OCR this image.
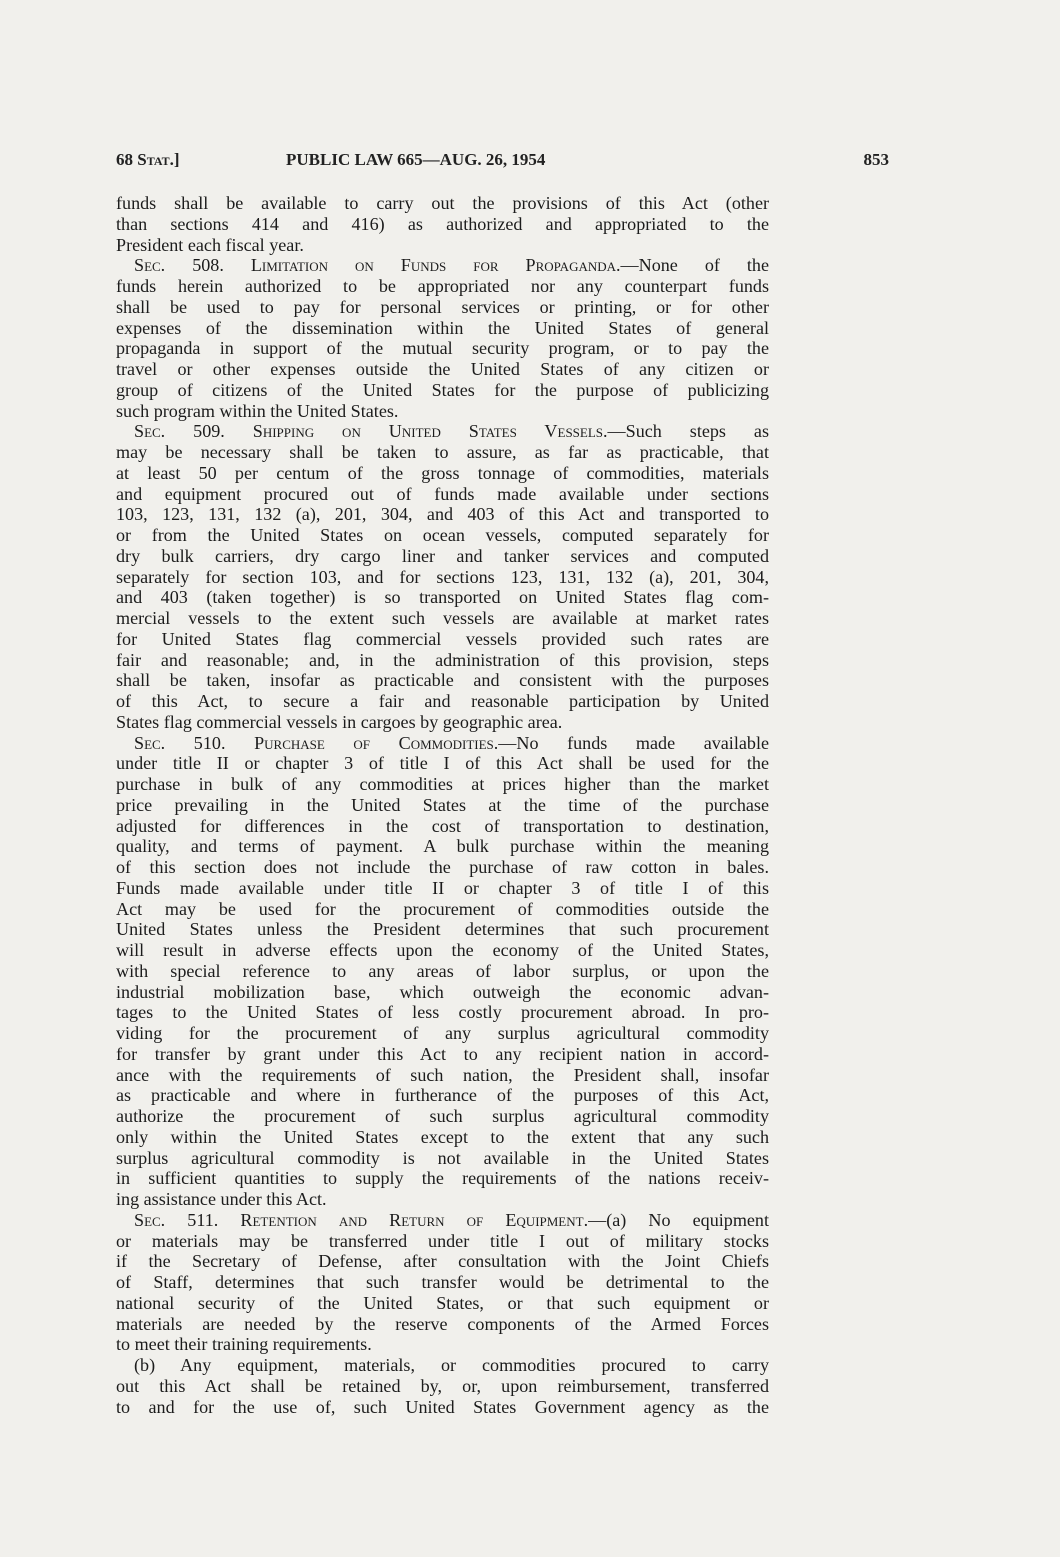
68 Stat.]	PUBLIC LAW 665—AUG. 26, 1954	853

funds shall be available to carry out the provisions of this Act (other

than sections 414 and 416) as authorized and appropriated to the

President each fiscal year.

Sec. 508. Limitation on Funds for Propaganda.—None of the

funds herein authorized to be appropriated nor any counterpart funds

shall be used to pay for personal services or printing, or for other

expenses of the dissemination within the United States of general

propaganda in support of the mutual security program, or to pay the

travel or other expenses outside the United States of any citizen or

group of citizens of the United States for the purpose of publicizing

such program within the United States.

Sec. 509. Shipping on United States Vessels.—Such steps as

may be necessary shall be taken to assure, as far as practicable, that

at least 50 per centum of the gross tonnage of commodities, materials

and equipment procured out of funds made available under sections

103, 123, 131, 132 (a), 201, 304, and 403 of this Act and transported to

or from the United States on ocean vessels, computed separately for

dry bulk carriers, dry cargo liner and tanker services and computed

separately for section 103, and for sections 123, 131, 132 (a), 201, 304,

and 403 (taken together) is so transported on United States flag com-

mercial vessels to the extent such vessels are available at market rates

for United States flag commercial vessels provided such rates are

fair and reasonable; and, in the administration of this provision, steps

shall be taken, insofar as practicable and consistent with the purposes

of this Act, to secure a fair and reasonable participation by United

States flag commercial vessels in cargoes by geographic area.

Sec. 510. Purchase of Commodities.—No funds made available

under title II or chapter 3 of title I of this Act shall be used for the

purchase in bulk of any commodities at prices higher than the market

price prevailing in the United States at the time of the purchase

adjusted for differences in the cost of transportation to destination,

quality, and terms of payment. A bulk purchase within the meaning

of this section does not include the purchase of raw cotton in bales.

Funds made available under title II or chapter 3 of title I of this

Act may be used for the procurement of commodities outside the

United States unless the President determines that such procurement

will result in adverse effects upon the economy of the United States,

with special reference to any areas of labor surplus, or upon the

industrial mobilization base, which outweigh the economic advan-

tages to the United States of less costly procurement abroad. In pro-

viding for the procurement of any surplus agricultural commodity

for transfer by grant under this Act to any recipient nation in accord-

ance with the requirements of such nation, the President shall, insofar

as practicable and where in furtherance of the purposes of this Act,

authorize the procurement of such surplus agricultural commodity

only within the United States except to the extent that any such

surplus agricultural commodity is not available in the United States

in sufficient quantities to supply the requirements of the nations receiv-

ing assistance under this Act.

Sec. 511. Retention and Return of Equipment.—(a) No equipment

or materials may be transferred under title I out of military stocks

if the Secretary of Defense, after consultation with the Joint Chiefs

of Staff, determines that such transfer would be detrimental to the

national security of the United States, or that such equipment or

materials are needed by the reserve components of the Armed Forces

to meet their training requirements.

(b) Any equipment, materials, or commodities procured to carry

out this Act shall be retained by, or, upon reimbursement, transferred

to and for the use of, such United States Government agency as the
